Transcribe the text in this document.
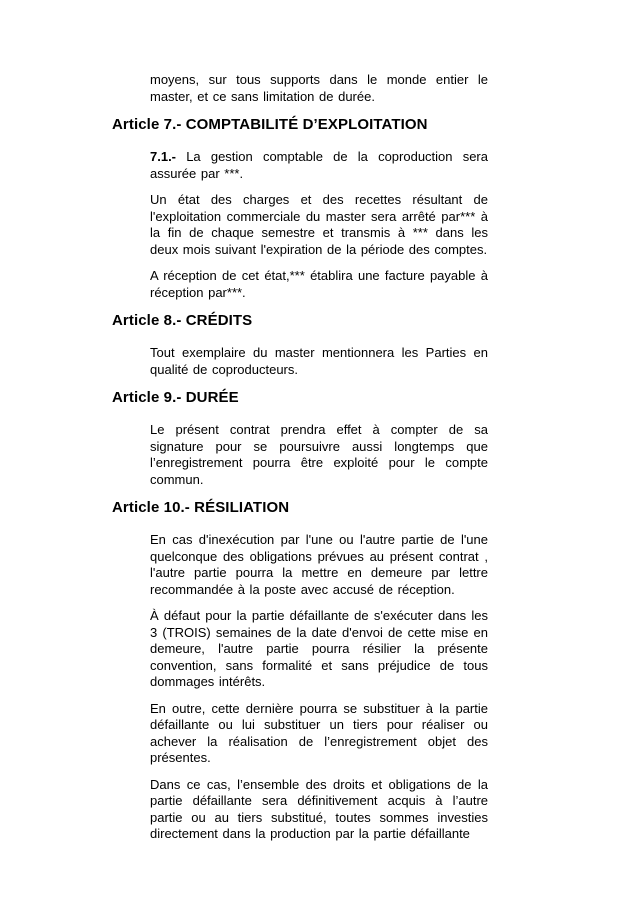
moyens, sur tous supports dans le monde entier le master, et ce sans limitation de durée.

Article 7.- COMPTABILITÉ D’EXPLOITATION

7.1.- La gestion comptable de la coproduction sera assurée par ***.

Un état des charges et des recettes résultant de l'exploitation commerciale du master sera arrêté par*** à la fin de chaque semestre et transmis à *** dans les deux mois suivant l'expiration de la période des comptes.

A réception de cet état,*** établira une facture payable à réception par***.

Article 8.- CRÉDITS

Tout exemplaire du master mentionnera les Parties en qualité de coproducteurs.

Article 9.- DURÉE

Le présent contrat prendra effet à compter de sa signature pour se poursuivre aussi longtemps que l’enregistrement pourra être exploité pour le compte commun.

Article 10.- RÉSILIATION

En cas d'inexécution par l'une ou l'autre partie de l'une quelconque des obligations prévues au présent contrat , l'autre partie pourra la mettre en demeure par lettre recommandée à la poste avec accusé de réception.

À défaut pour la partie défaillante de s'exécuter dans les 3 (TROIS) semaines de la date d'envoi de cette mise en demeure, l'autre partie pourra résilier la présente convention, sans formalité et sans préjudice de tous dommages intérêts.

En outre, cette dernière pourra se substituer à la partie défaillante ou lui substituer un tiers pour réaliser ou achever la réalisation de l’enregistrement objet des présentes.

Dans ce cas, l’ensemble des droits et obligations de la partie défaillante sera définitivement acquis à l’autre partie ou au tiers substitué, toutes sommes investies directement dans la production par la partie défaillante
